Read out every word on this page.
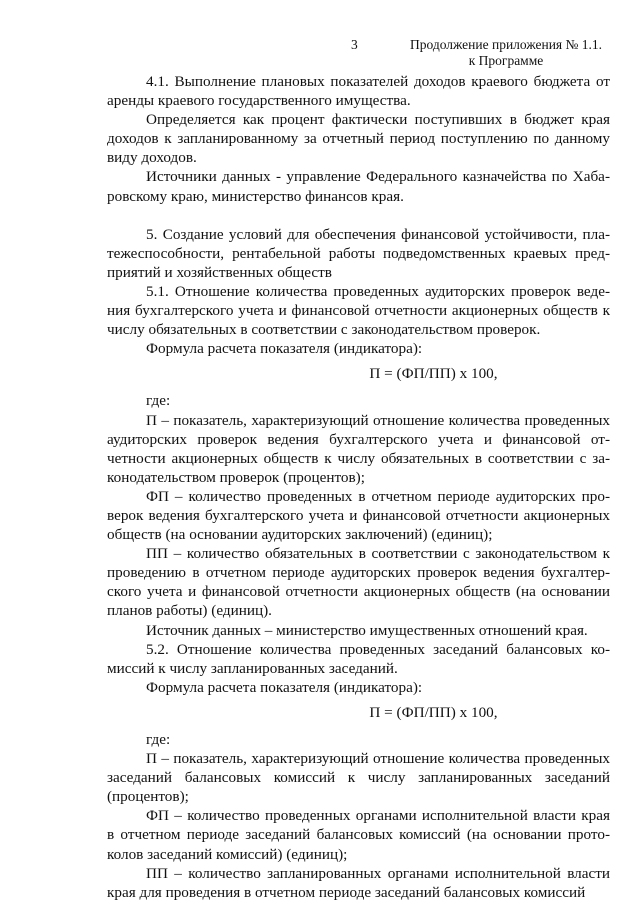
3	Продолжение приложения № 1.1.
к Программе

4.1. Выполнение плановых показателей доходов краевого бюджета от аренды краевого государственного имущества.

Определяется как процент фактически поступивших в бюджет края доходов к запланированному за отчетный период поступлению по данному виду доходов.

Источники данных - управление Федерального казначейства по Хабаровскому краю, министерство финансов края.

5. Создание условий для обеспечения финансовой устойчивости, платежеспособности, рентабельной работы подведомственных краевых предприятий и хозяйственных обществ

5.1. Отношение количества проведенных аудиторских проверок ведения бухгалтерского учета и финансовой отчетности акционерных обществ к числу обязательных в соответствии с законодательством проверок.

Формула расчета показателя (индикатора):

П = (ФП/ПП) х 100,

где:

П – показатель, характеризующий отношение количества проведенных аудиторских проверок ведения бухгалтерского учета и финансовой отчетности акционерных обществ к числу обязательных в соответствии с законодательством проверок (процентов);

ФП – количество проведенных в отчетном периоде аудиторских проверок ведения бухгалтерского учета и финансовой отчетности акционерных обществ (на основании аудиторских заключений) (единиц);

ПП – количество обязательных в соответствии с законодательством к проведению в отчетном периоде аудиторских проверок ведения бухгалтерского учета и финансовой отчетности акционерных обществ (на основании планов работы) (единиц).

Источник данных – министерство имущественных отношений края.

5.2. Отношение количества проведенных заседаний балансовых комиссий к числу запланированных заседаний.

Формула расчета показателя (индикатора):

П = (ФП/ПП) х 100,

где:

П – показатель, характеризующий отношение количества проведенных заседаний балансовых комиссий к числу запланированных заседаний (процентов);

ФП – количество проведенных органами исполнительной власти края в отчетном периоде заседаний балансовых комиссий (на основании протоколов заседаний комиссий) (единиц);

ПП – количество запланированных органами исполнительной власти края для проведения в отчетном периоде заседаний балансовых комиссий
